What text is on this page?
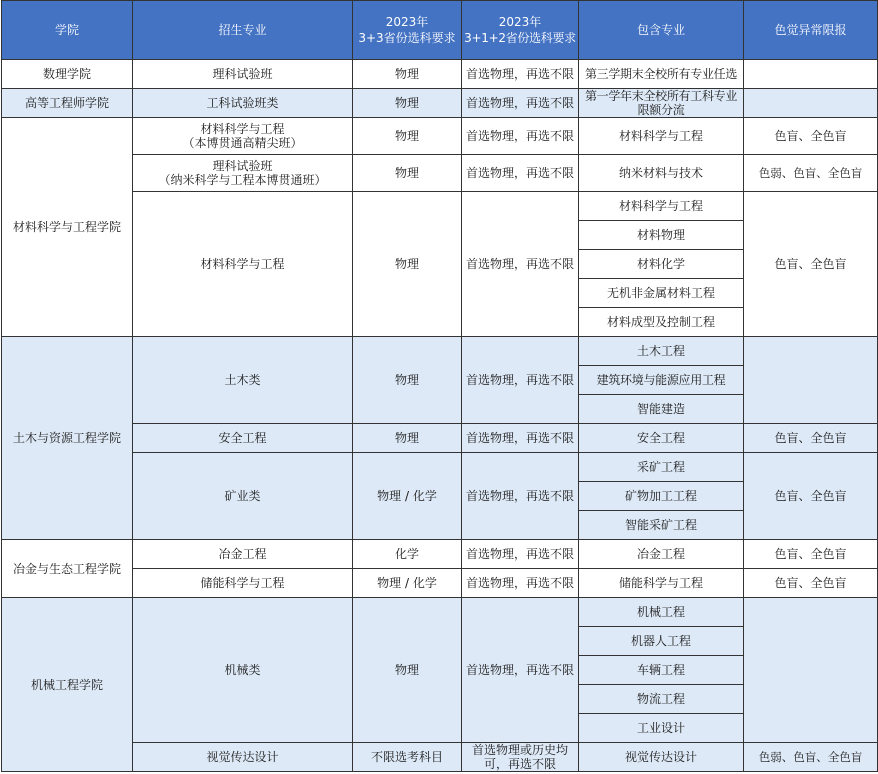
学院	招生专业	2023年
3+3省份选科要求	2023年
3+1+2省份选科要求	包含专业	色觉异常限报
数理学院	理科试验班	物理	首选物理，再选不限	第三学期末全校所有专业任选	
高等工程师学院	工科试验班类	物理	首选物理，再选不限	第一学年末全校所有工科专业
限额分流	
材料科学与工程学院	材料科学与工程
（本博贯通高精尖班）	物理	首选物理，再选不限	材料科学与工程	色盲、全色盲
	理科试验班
（纳米科学与工程本博贯通班）	物理	首选物理，再选不限	纳米材料与技术	色弱、色盲、全色盲
	材料科学与工程	物理	首选物理，再选不限	材料科学与工程	色盲、全色盲
				材料物理	
				材料化学	
				无机非金属材料工程	
				材料成型及控制工程	
土木与资源工程学院	土木类	物理	首选物理，再选不限	土木工程	
				建筑环境与能源应用工程	
				智能建造	
	安全工程	物理	首选物理，再选不限	安全工程	色盲、全色盲
	矿业类	物理 / 化学	首选物理，再选不限	采矿工程	色盲、全色盲
				矿物加工工程	
				智能采矿工程	
冶金与生态工程学院	冶金工程	化学	首选物理，再选不限	冶金工程	色盲、全色盲
	储能科学与工程	物理 / 化学	首选物理，再选不限	储能科学与工程	色盲、全色盲
机械工程学院	机械类	物理	首选物理，再选不限	机械工程	
				机器人工程	
				车辆工程	
				物流工程	
				工业设计	
	视觉传达设计	不限选考科目	首选物理或历史均
可，再选不限	视觉传达设计	色弱、色盲、全色盲
